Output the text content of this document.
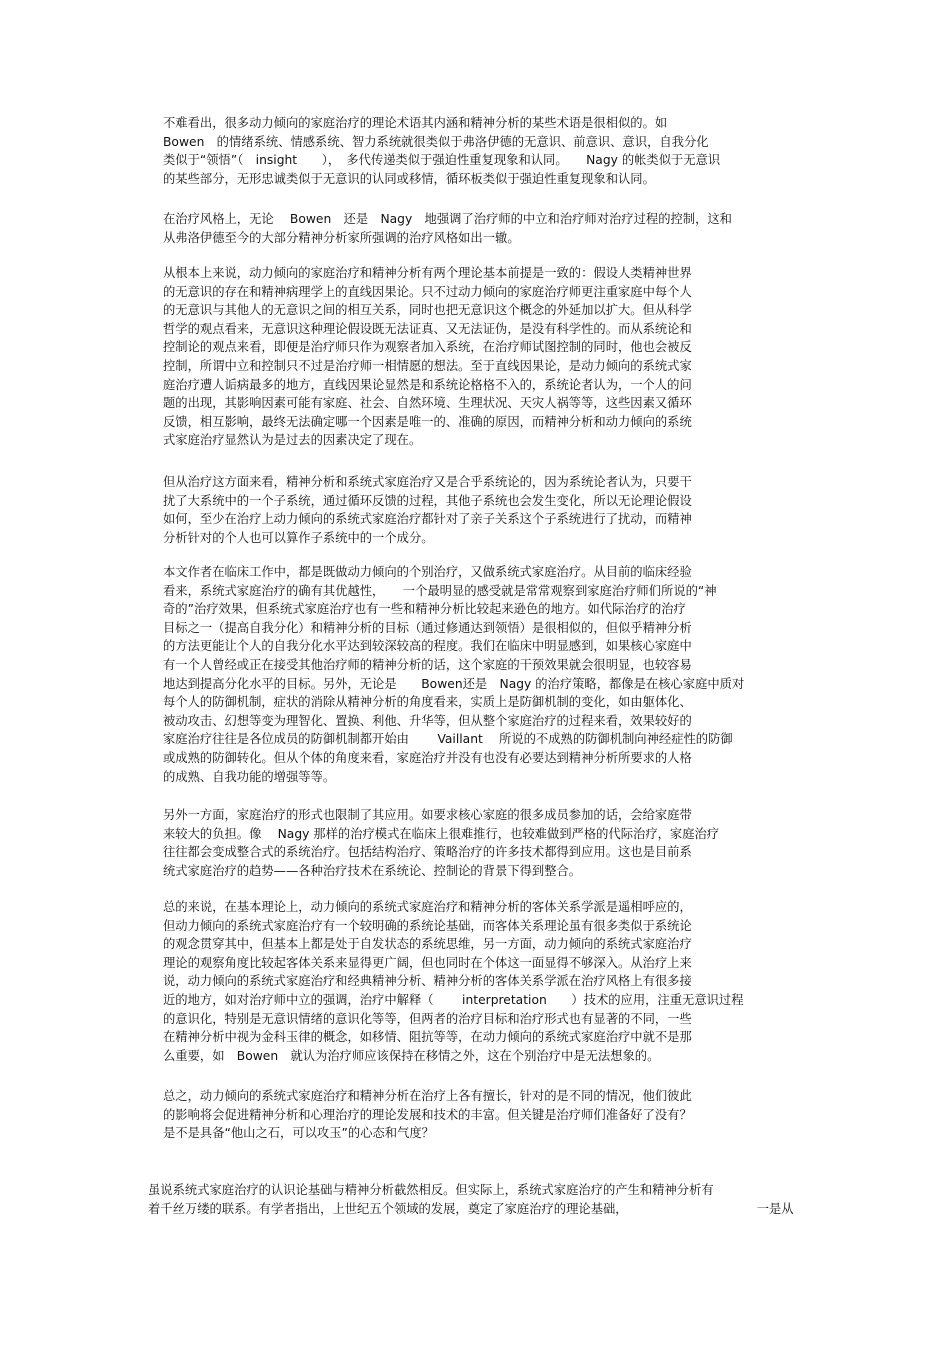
不难看出，很多动力倾向的家庭治疗的理论术语其内涵和精神分析的某些术语是很相似的。如
Bowen　的情绪系统、情感系统、智力系统就很类似于弗洛伊德的无意识、前意识、意识，自我分化
类似于“领悟”（　insight　　），　多代传递类似于强迫性重复现象和认同。　　Nagy 的帐类似于无意识
的某些部分，无形忠诚类似于无意识的认同或移情，循环板类似于强迫性重复现象和认同。
在治疗风格上，无论　 Bowen　还是　Nagy　地强调了治疗师的中立和治疗师对治疗过程的控制，这和
从弗洛伊德至今的大部分精神分析家所强调的治疗风格如出一辙。
从根本上来说，动力倾向的家庭治疗和精神分析有两个理论基本前提是一致的：假设人类精神世界
的无意识的存在和精神病理学上的直线因果论。只不过动力倾向的家庭治疗师更注重家庭中每个人
的无意识与其他人的无意识之间的相互关系，同时也把无意识这个概念的外延加以扩大。但从科学
哲学的观点看来，无意识这种理论假设既无法证真、又无法证伪，是没有科学性的。而从系统论和
控制论的观点来看，即便是治疗师只作为观察者加入系统，在治疗师试图控制的同时，他也会被反
控制，所谓中立和控制只不过是治疗师一相情愿的想法。至于直线因果论，是动力倾向的系统式家
庭治疗遭人诟病最多的地方，直线因果论显然是和系统论格格不入的，系统论者认为，一个人的问
题的出现，其影响因素可能有家庭、社会、自然环境、生理状况、天灾人祸等等，这些因素又循环
反馈，相互影响，最终无法确定哪一个因素是唯一的、准确的原因，而精神分析和动力倾向的系统
式家庭治疗显然认为是过去的因素决定了现在。
但从治疗这方面来看，精神分析和系统式家庭治疗又是合乎系统论的，因为系统论者认为，只要干
扰了大系统中的一个子系统，通过循环反馈的过程，其他子系统也会发生变化，所以无论理论假设
如何，至少在治疗上动力倾向的系统式家庭治疗都针对了亲子关系这个子系统进行了扰动，而精神
分析针对的个人也可以算作子系统中的一个成分。
本文作者在临床工作中，都是既做动力倾向的个别治疗，又做系统式家庭治疗。从目前的临床经验
看来，系统式家庭治疗的确有其优越性，　　一个最明显的感受就是常常观察到家庭治疗师们所说的“神
奇的”治疗效果，但系统式家庭治疗也有一些和精神分析比较起来逊色的地方。如代际治疗的治疗
目标之一（提高自我分化）和精神分析的目标（通过修通达到领悟）是很相似的，但似乎精神分析
的方法更能让个人的自我分化水平达到较深较高的程度。我们在临床中明显感到，如果核心家庭中
有一个人曾经或正在接受其他治疗师的精神分析的话，这个家庭的干预效果就会很明显，也较容易
地达到提高分化水平的目标。另外，无论是　　Bowen还是　Nagy 的治疗策略，都像是在核心家庭中质对
每个人的防御机制，症状的消除从精神分析的角度看来，实质上是防御机制的变化，如由躯体化、
被动攻击、幻想等变为理智化、置换、利他、升华等，但从整个家庭治疗的过程来看，效果较好的
家庭治疗往往是各位成员的防御机制都开始由　　 Vaillant　 所说的不成熟的防御机制向神经症性的防御
或成熟的防御转化。但从个体的角度来看，家庭治疗并没有也没有必要达到精神分析所要求的人格
的成熟、自我功能的增强等等。
另外一方面，家庭治疗的形式也限制了其应用。如要求核心家庭的很多成员参加的话，会给家庭带
来较大的负担。像　 Nagy 那样的治疗模式在临床上很难推行，也较难做到严格的代际治疗，家庭治疗
往往都会变成整合式的系统治疗。包括结构治疗、策略治疗的许多技术都得到应用。这也是目前系
统式家庭治疗的趋势——各种治疗技术在系统论、控制论的背景下得到整合。
总的来说，在基本理论上，动力倾向的系统式家庭治疗和精神分析的客体关系学派是遥相呼应的，
但动力倾向的系统式家庭治疗有一个较明确的系统论基础，而客体关系理论虽有很多类似于系统论
的观念贯穿其中，但基本上都是处于自发状态的系统思维，另一方面，动力倾向的系统式家庭治疗
理论的观察角度比较起客体关系来显得更广阔，但也同时在个体这一面显得不够深入。从治疗上来
说，动力倾向的系统式家庭治疗和经典精神分析、精神分析的客体关系学派在治疗风格上有很多接
近的地方，如对治疗师中立的强调，治疗中解释（　　 interpretation　　）技术的应用，注重无意识过程
的意识化，特别是无意识情绪的意识化等等，但两者的治疗目标和治疗形式也有显著的不同，一些
在精神分析中视为金科玉律的概念，如移情、阻抗等等，在动力倾向的系统式家庭治疗中就不是那
么重要，如　Bowen　就认为治疗师应该保持在移情之外，这在个别治疗中是无法想象的。
总之，动力倾向的系统式家庭治疗和精神分析在治疗上各有擅长，针对的是不同的情况，他们彼此
的影响将会促进精神分析和心理治疗的理论发展和技术的丰富。但关键是治疗师们准备好了没有？
是不是具备“他山之石，可以攻玉”的心态和气度？
虽说系统式家庭治疗的认识论基础与精神分析截然相反。但实际上，系统式家庭治疗的产生和精神分析有
着千丝万缕的联系。有学者指出，上世纪五个领域的发展，奠定了家庭治疗的理论基础，　　　　　　　　　　　一是从
